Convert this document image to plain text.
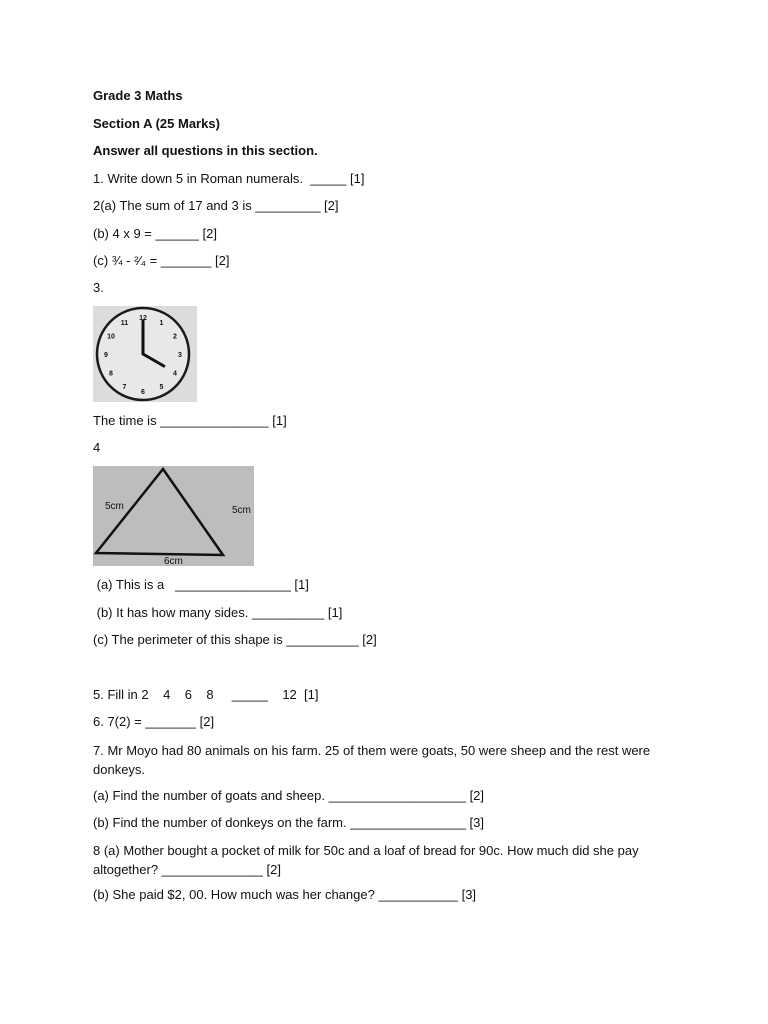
Grade 3 Maths
Section A (25 Marks)
Answer all questions in this section.
1. Write down 5 in Roman numerals.  _____ [1]
2(a) The sum of 17 and 3 is _________ [2]
(b) 4 x 9 = ______ [2]
(c) ¾ - ²⁄₄ = _______ [2]
3.
12
1
2
3
4
5
6
7
8
9
10
11
The time is _______________ [1]
4
5cm	5cm
6cm
(a) This is a   ________________ [1]
(b) It has how many sides. __________ [1]
(c) The perimeter of this shape is __________ [2]
5. Fill in 2    4    6    8     _____    12  [1]
6. 7(2) = _______ [2]
7. Mr Moyo had 80 animals on his farm. 25 of them were goats, 50 were sheep and the rest were donkeys.
(a) Find the number of goats and sheep. ___________________ [2]
(b) Find the number of donkeys on the farm. ________________ [3]
8 (a) Mother bought a pocket of milk for 50c and a loaf of bread for 90c. How much did she pay altogether? ______________ [2]
(b) She paid $2, 00. How much was her change? ___________ [3]
